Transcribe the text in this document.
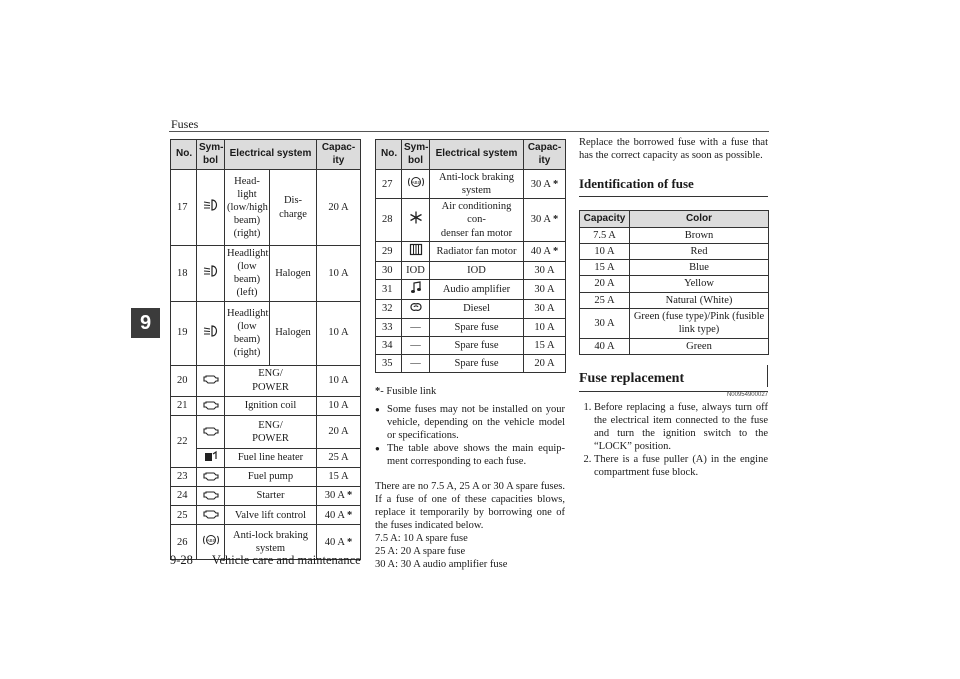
Fuses
9
No.	Sym-
bol	Electrical system		Capac-
ity
17		Head-
light
(low/high
beam)
(right)	Dis-
charge	20 A
18		Headlight
(low
beam)
(left)	Halogen	10 A
19		Headlight
(low
beam)
(right)	Halogen	10 A
20		ENG/
POWER		10 A
21		Ignition coil		10 A
22		ENG/
POWER		20 A
	Fuel line heater		25 A
23		Fuel pump		15 A
24		Starter		30 A *
25		Valve lift control		40 A *
26	ABS	Anti-lock braking
system		40 A *
No.	Sym-
bol	Electrical system	Capac-
ity
27	ABS	Anti-lock braking
system	30 A *
28		Air conditioning con-
denser fan motor	30 A *
29		Radiator fan motor	40 A *
30	IOD	IOD	30 A
31		Audio amplifier	30 A
32		Diesel	30 A
33	—	Spare fuse	10 A
34	—	Spare fuse	15 A
35	—	Spare fuse	20 A

*- Fusible link

● Some fuses may not be installed on your vehicle, depending on the vehicle model or specifications.

● The table above shows the main equip-ment corresponding to each fuse.

There are no 7.5 A, 25 A or 30 A spare fuses. If a fuse of one of these capacities blows, replace it temporarily by borrowing one of the fuses indicated below.

7.5 A: 10 A spare fuse

25 A: 20 A spare fuse

30 A: 30 A audio amplifier fuse

Replace the borrowed fuse with a fuse that has the correct capacity as soon as possible.

Identification of fuse
Capacity	Color
7.5 A	Brown
10 A	Red
15 A	Blue
20 A	Yellow
25 A	Natural (White)
30 A	Green (fuse type)/Pink (fusible
link type)
40 A	Green
Fuse replacement
N00954900027
1. Before replacing a fuse, always turn off the electrical item connected to the fuse and turn the ignition switch to the “LOCK” position.
2. There is a fuse puller (A) in the engine compartment fuse block.
9-28 Vehicle care and maintenance
